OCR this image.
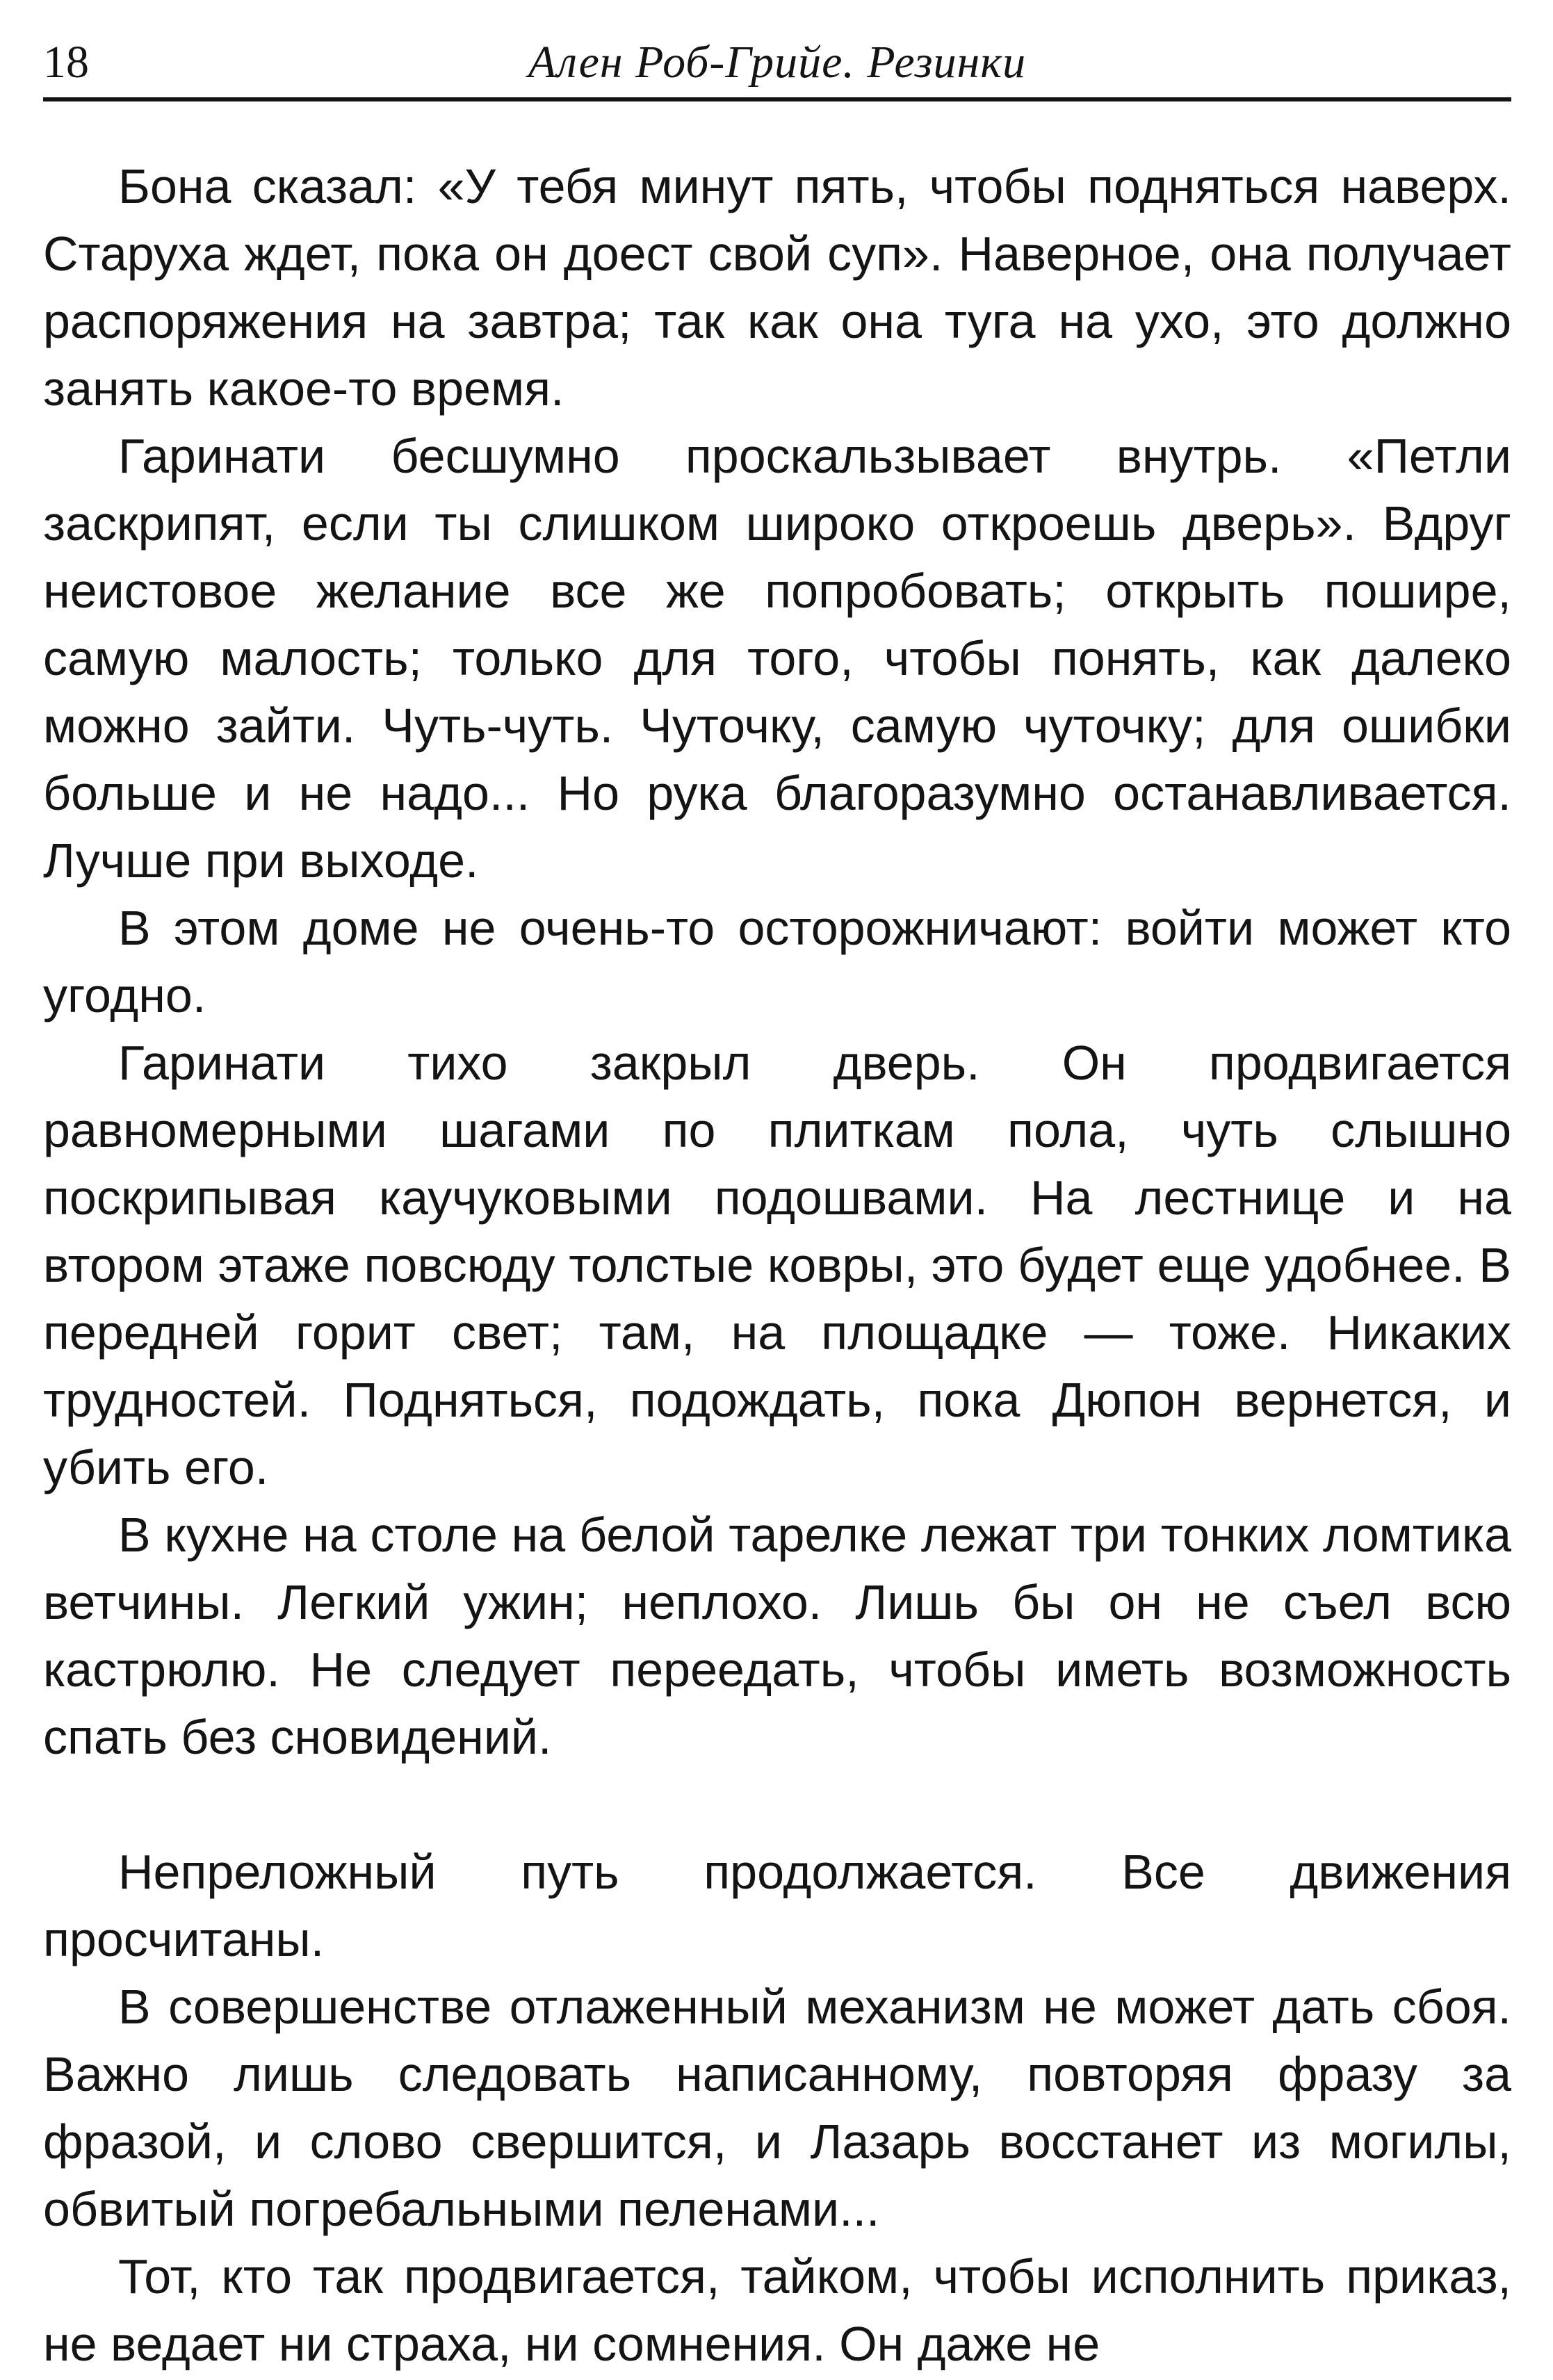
18	Ален Роб-Грийе. Резинки

Бона сказал: «У тебя минут пять, чтобы подняться наверх. Старуха ждет, пока он доест свой суп». Наверное, она получает распоряжения на завтра; так как она туга на ухо, это должно занять какое-то время.

Гаринати бесшумно проскальзывает внутрь. «Петли заскрипят, если ты слишком широко откроешь дверь». Вдруг неистовое желание все же попробовать; открыть пошире, самую малость; только для того, чтобы понять, как далеко можно зайти. Чуть-чуть. Чуточку, самую чуточку; для ошибки больше и не надо... Но рука благоразумно останавливается. Лучше при выходе.

В этом доме не очень-то осторожничают: войти может кто угодно.

Гаринати тихо закрыл дверь. Он продвигается равномерными шагами по плиткам пола, чуть слышно поскрипывая каучуковыми подошвами. На лестнице и на втором этаже повсюду толстые ковры, это будет еще удобнее. В передней горит свет; там, на площадке — тоже. Никаких трудностей. Подняться, подождать, пока Дюпон вернется, и убить его.

В кухне на столе на белой тарелке лежат три тонких ломтика ветчины. Легкий ужин; неплохо. Лишь бы он не съел всю кастрюлю. Не следует переедать, чтобы иметь возможность спать без сновидений.

Непреложный путь продолжается. Все движения просчитаны.

В совершенстве отлаженный механизм не может дать сбоя. Важно лишь следовать написанному, повторяя фразу за фразой, и слово свершится, и Лазарь восстанет из могилы, обвитый погребальными пеленами...

Тот, кто так продвигается, тайком, чтобы исполнить приказ, не ведает ни страха, ни сомнения. Он даже не
